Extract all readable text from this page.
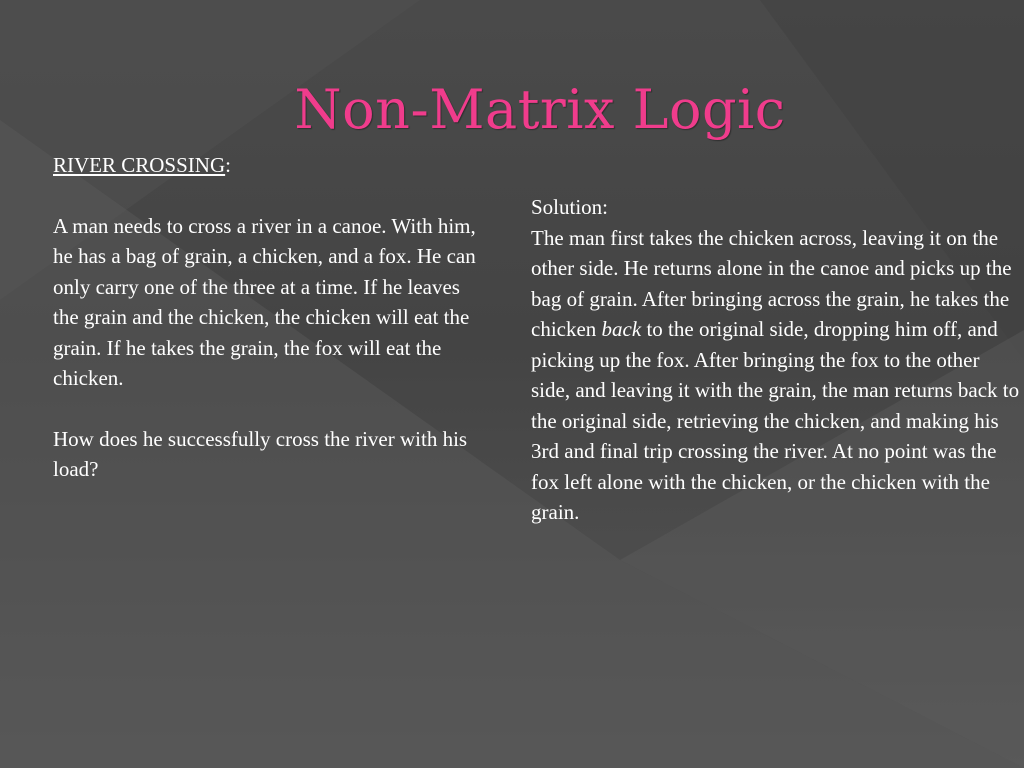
Non-Matrix Logic
RIVER CROSSING:

A man needs to cross a river in a canoe. With him, he has a bag of grain, a chicken, and a fox. He can only carry one of the three at a time. If he leaves the grain and the chicken, the chicken will eat the grain. If he takes the grain, the fox will eat the chicken.

How does he successfully cross the river with his load?

Solution:

The man first takes the chicken across, leaving it on the other side. He returns alone in the canoe and picks up the bag of grain. After bringing across the grain, he takes the chicken back to the original side, dropping him off, and picking up the fox. After bringing the fox to the other side, and leaving it with the grain, the man returns back to the original side, retrieving the chicken, and making his 3rd and final trip crossing the river. At no point was the fox left alone with the chicken, or the chicken with the grain.
